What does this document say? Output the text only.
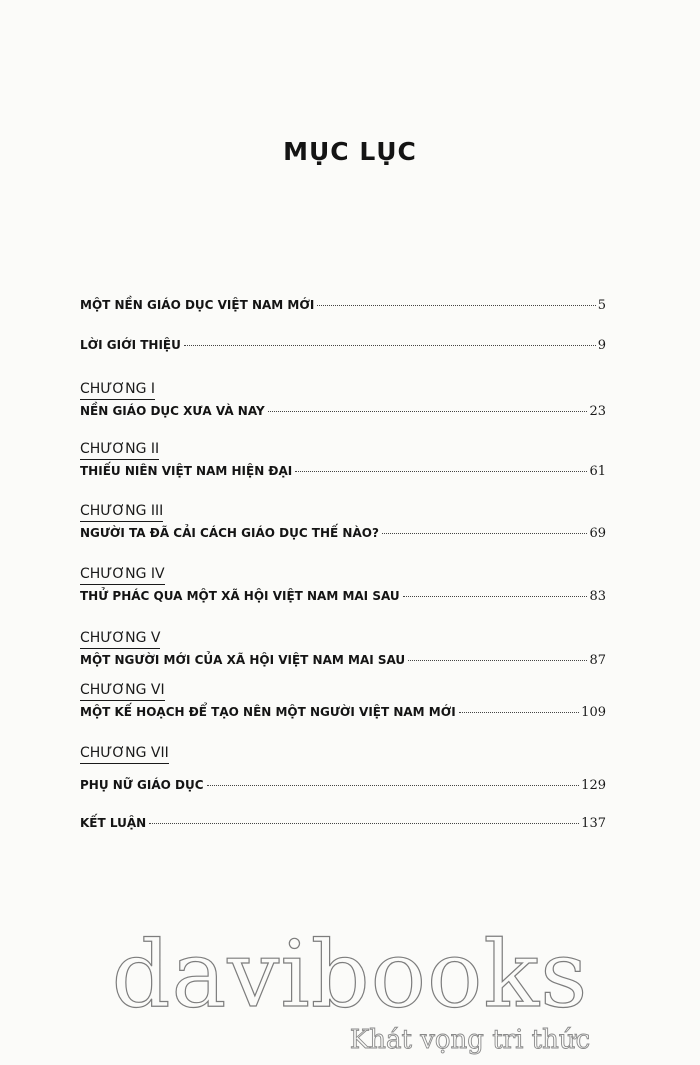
MỤC LỤC
MỘT NỀN GIÁO DỤC VIỆT NAM MỚI	5
LỜI GIỚI THIỆU	9
CHƯƠNG I
NỀN GIÁO DỤC XƯA VÀ NAY	23
CHƯƠNG II
THIẾU NIÊN VIỆT NAM HIỆN ĐẠI	61
CHƯƠNG III
NGƯỜI TA ĐÃ CẢI CÁCH GIÁO DỤC THẾ NÀO?	69
CHƯƠNG IV
THỬ PHÁC QUA MỘT XÃ HỘI VIỆT NAM MAI SAU	83
CHƯƠNG V
MỘT NGƯỜI MỚI CỦA XÃ HỘI VIỆT NAM MAI SAU	87
CHƯƠNG VI
MỘT KẾ HOẠCH ĐỂ TẠO NÊN MỘT NGƯỜI VIỆT NAM MỚI	109
CHƯƠNG VII
PHỤ NỮ GIÁO DỤC	129
KẾT LUẬN	137
davibooks
Khát vọng tri thức
